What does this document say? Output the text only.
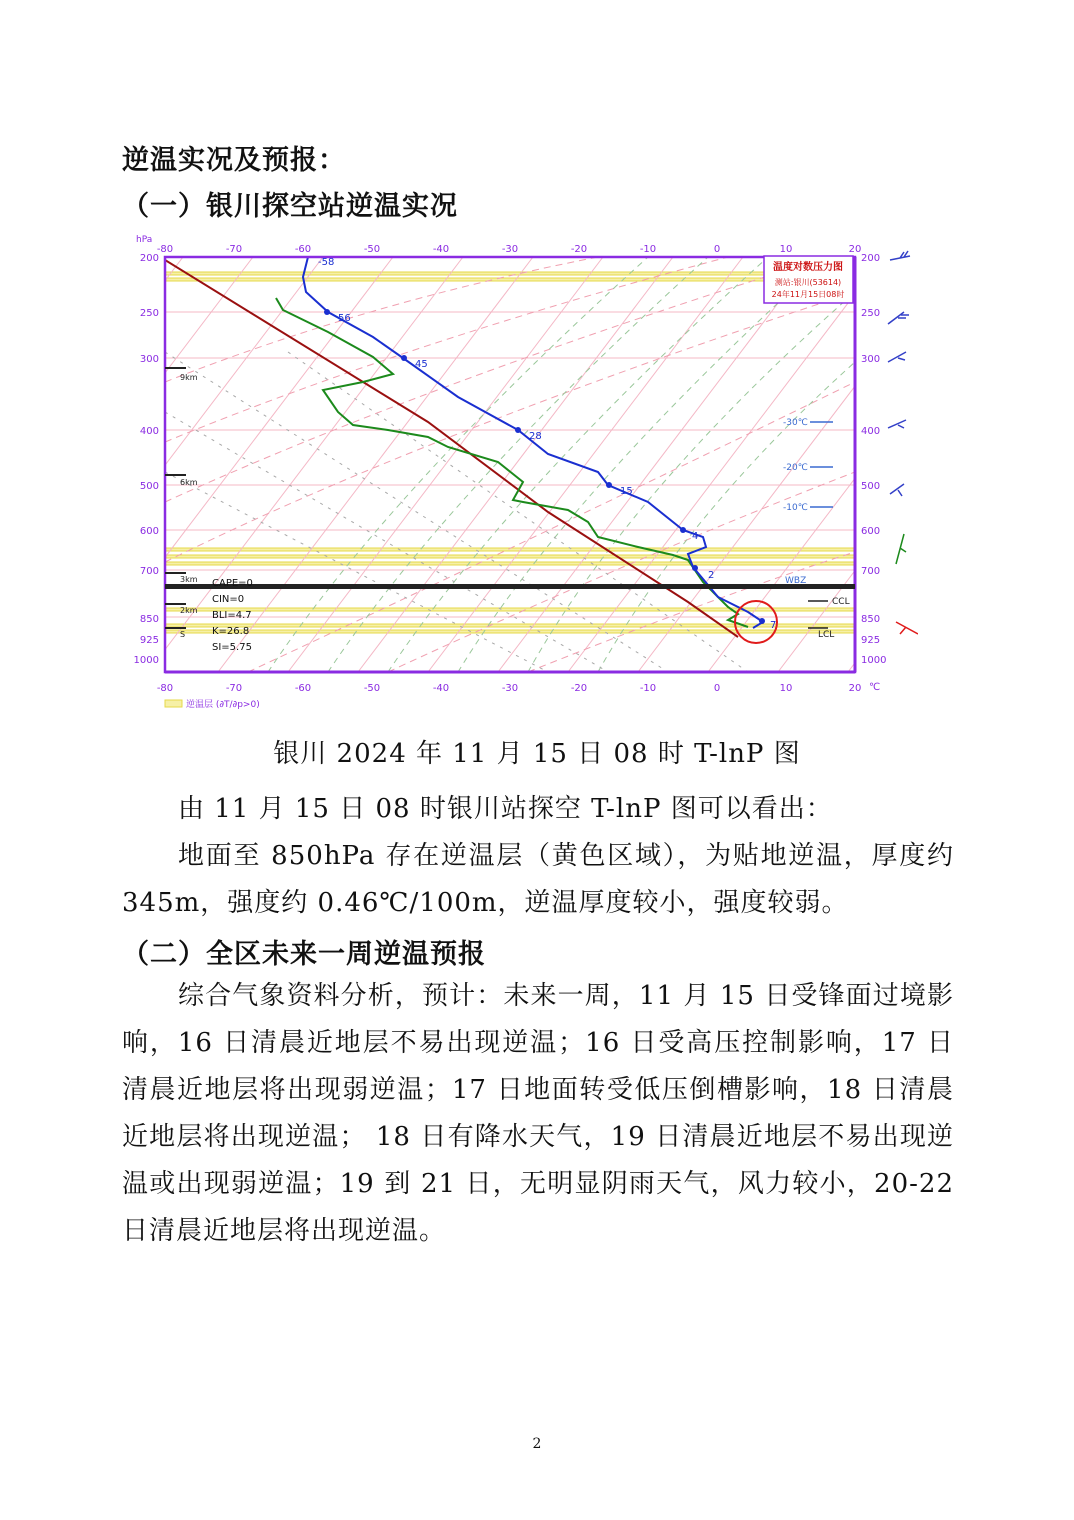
逆温实况及预报：
（一）银川探空站逆温实况
温度对数压力图
测站:银川(53614)
24年11月15日08时
hPa
℃
-80	-70	-60	-50	-40	-30	-20	-10	0	10	20
-80	-70	-60	-50	-40	-30	-20	-10	0	10	20
200
250
300
400
500
600
700
850
925
1000
200
250
300
400
500
600
700
850
925
1000
9km
6km
3km
2km
S
CAPE=0
CIN=0
BLI=4.7
K=26.8
SI=5.75
-58
56
45
28
15
4
2
7
-30℃
-20℃
-10℃
WBZ
CCL
LCL
逆温层 (∂T/∂p>0)
银川 2024 年 11 月 15 日 08 时 T-lnP 图
由 11 月 15 日 08 时银川站探空 T-lnP 图可以看出：
地面至 850hPa 存在逆温层（黄色区域），为贴地逆温，厚度约 345m，强度约 0.46℃/100m，逆温厚度较小，强度较弱。
（二）全区未来一周逆温预报
综合气象资料分析，预计：未来一周，11 月 15 日受锋面过境影响，16 日清晨近地层不易出现逆温；16 日受高压控制影响，17 日清晨近地层将出现弱逆温；17 日地面转受低压倒槽影响，18 日清晨近地层将出现逆温； 18 日有降水天气，19 日清晨近地层不易出现逆温或出现弱逆温；19 到 21 日，无明显阴雨天气，风力较小，20-22 日清晨近地层将出现逆温。
2
